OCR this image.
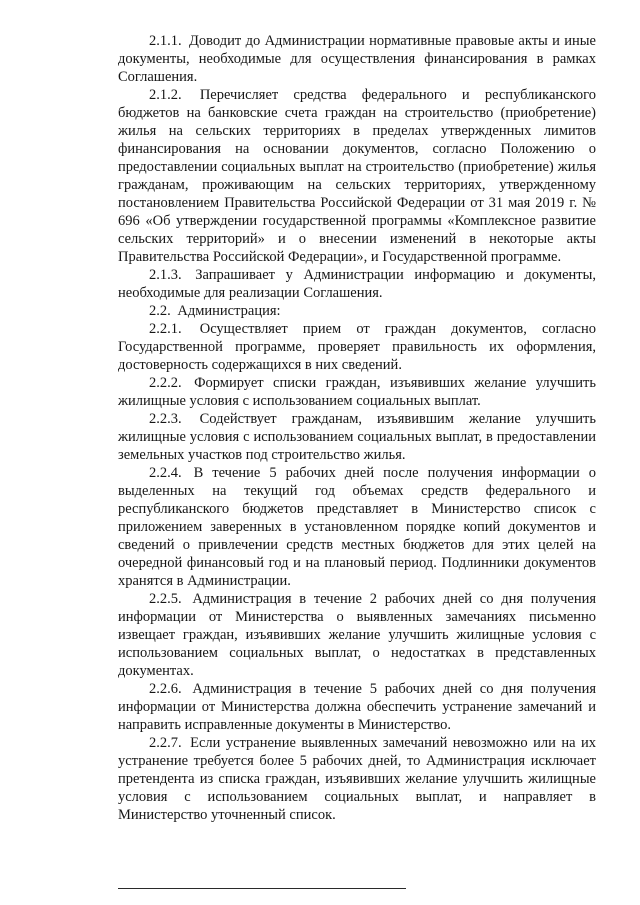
2.1.1. Доводит до Администрации нормативные правовые акты и иные документы, необходимые для осуществления финансирования в рамках Соглашения.

2.1.2. Перечисляет средства федерального и республиканского бюджетов на банковские счета граждан на строительство (приобретение) жилья на сельских территориях в пределах утвержденных лимитов финансирования на основании документов, согласно Положению о предоставлении социальных выплат на строительство (приобретение) жилья гражданам, проживающим на сельских территориях, утвержденному постановлением Правительства Российской Федерации от 31 мая 2019 г. № 696 «Об утверждении государственной программы «Комплексное развитие сельских территорий» и о внесении изменений в некоторые акты Правительства Российской Федерации», и Государственной программе.

2.1.3. Запрашивает у Администрации информацию и документы, необходимые для реализации Соглашения.

2.2. Администрация:

2.2.1. Осуществляет прием от граждан документов, согласно Государственной программе, проверяет правильность их оформления, достоверность содержащихся в них сведений.

2.2.2. Формирует списки граждан, изъявивших желание улучшить жилищные условия с использованием социальных выплат.

2.2.3. Содействует гражданам, изъявившим желание улучшить жилищные условия с использованием социальных выплат, в предоставлении земельных участков под строительство жилья.

2.2.4. В течение 5 рабочих дней после получения информации о выделенных на текущий год объемах средств федерального и республиканского бюджетов представляет в Министерство список с приложением заверенных в установленном порядке копий документов и сведений о привлечении средств местных бюджетов для этих целей на очередной финансовый год и на плановый период. Подлинники документов хранятся в Администрации.

2.2.5. Администрация в течение 2 рабочих дней со дня получения информации от Министерства о выявленных замечаниях письменно извещает граждан, изъявивших желание улучшить жилищные условия с использованием социальных выплат, о недостатках в представленных документах.

2.2.6. Администрация в течение 5 рабочих дней со дня получения информации от Министерства должна обеспечить устранение замечаний и направить исправленные документы в Министерство.

2.2.7. Если устранение выявленных замечаний невозможно или на их устранение требуется более 5 рабочих дней, то Администрация исключает претендента из списка граждан, изъявивших желание улучшить жилищные условия с использованием социальных выплат, и направляет в Министерство уточненный список.
